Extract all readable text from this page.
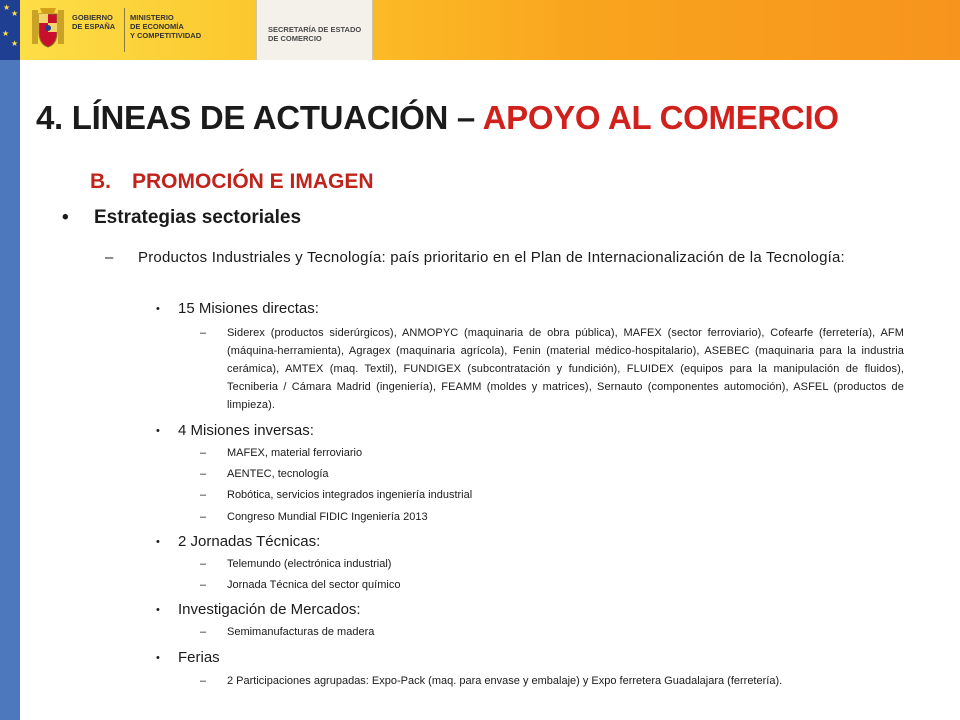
★
★
★
★
GOBIERNO
DE ESPAÑA
MINISTERIO
DE ECONOMÍA
Y COMPETITIVIDAD
SECRETARÍA DE ESTADO
DE COMERCIO
4. LÍNEAS DE ACTUACIÓN – APOYO AL COMERCIO
B. PROMOCIÓN E IMAGEN
• Estrategias sectoriales
– Productos Industriales y Tecnología: país prioritario en el Plan de Internacionalización de la Tecnología:
• 15 Misiones directas:
– Siderex (productos siderúrgicos), ANMOPYC (maquinaria de obra pública), MAFEX (sector ferroviario), Cofearfe (ferretería), AFM (máquina-herramienta), Agragex (maquinaria agrícola), Fenin (material médico-hospitalario), ASEBEC (maquinaria para la industria cerámica), AMTEX (maq. Textil), FUNDIGEX (subcontratación y fundición), FLUIDEX (equipos para la manipulación de fluidos), Tecniberia / Cámara Madrid (ingeniería), FEAMM (moldes y matrices), Sernauto (componentes automoción), ASFEL (productos de limpieza).
• 4 Misiones inversas:
– MAFEX, material ferroviario
– AENTEC, tecnología
– Robótica, servicios integrados ingeniería industrial
– Congreso Mundial FIDIC Ingeniería 2013
• 2 Jornadas Técnicas:
– Telemundo (electrónica industrial)
– Jornada Técnica del sector químico
• Investigación de Mercados:
– Semimanufacturas de madera
• Ferias
– 2 Participaciones agrupadas: Expo-Pack (maq. para envase y embalaje) y Expo ferretera Guadalajara (ferretería).
